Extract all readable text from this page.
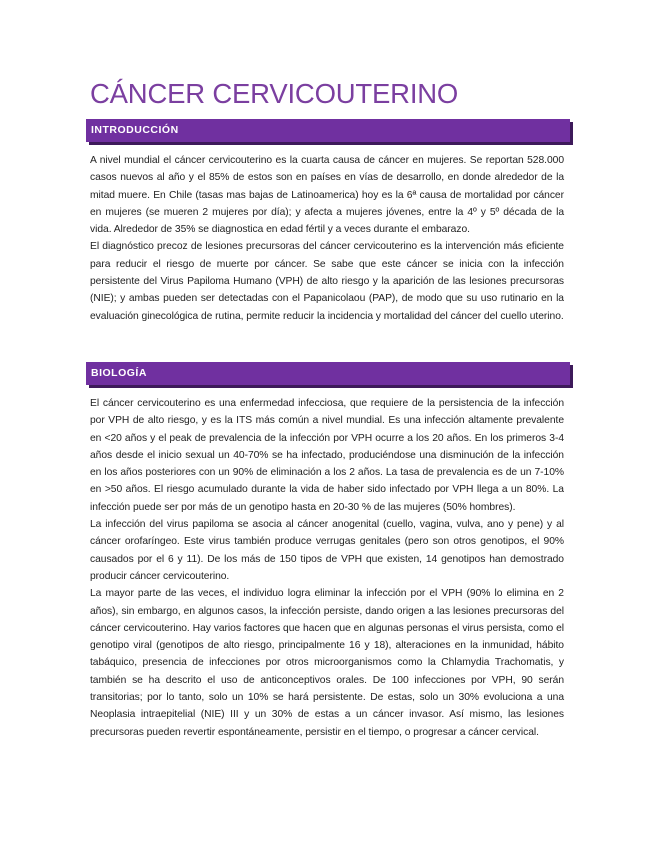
CÁNCER CERVICOUTERINO
INTRODUCCIÓN

A nivel mundial el cáncer cervicouterino es la cuarta causa de cáncer en mujeres. Se reportan 528.000 casos nuevos al año y el 85% de estos son en países en vías de desarrollo, en donde alrededor de la mitad muere. En Chile (tasas mas bajas de Latinoamerica) hoy es la 6ª causa de mortalidad por cáncer en mujeres (se mueren 2 mujeres por día); y afecta a mujeres jóvenes, entre la 4º y 5º década de la vida. Alrededor de 35% se diagnostica en edad fértil y a veces durante el embarazo.

El diagnóstico precoz de lesiones precursoras del cáncer cervicouterino es la intervención más eficiente para reducir el riesgo de muerte por cáncer. Se sabe que este cáncer se inicia con la infección persistente del Virus Papiloma Humano (VPH) de alto riesgo y la aparición de las lesiones precursoras (NIE); y ambas pueden ser detectadas con el Papanicolaou (PAP), de modo que su uso rutinario en la evaluación ginecológica de rutina, permite reducir la incidencia y mortalidad del cáncer del cuello uterino.

BIOLOGÍA

El cáncer cervicouterino es una enfermedad infecciosa, que requiere de la persistencia de la infección por VPH de alto riesgo, y es la ITS más común a nivel mundial. Es una infección altamente prevalente en <20 años y el peak de prevalencia de la infección por VPH ocurre a los 20 años. En los primeros 3-4 años desde el inicio sexual un 40-70% se ha infectado, produciéndose una disminución de la infección en los años posteriores con un 90% de eliminación a los 2 años. La tasa de prevalencia es de un 7-10% en >50 años. El riesgo acumulado durante la vida de haber sido infectado por VPH llega a un 80%. La infección puede ser por más de un genotipo hasta en 20-30 % de las mujeres (50% hombres).

La infección del virus papiloma se asocia al cáncer anogenital (cuello, vagina, vulva, ano y pene) y al cáncer orofaríngeo. Este virus también produce verrugas genitales (pero son otros genotipos, el 90% causados por el 6 y 11). De los más de 150 tipos de VPH que existen, 14 genotipos han demostrado producir cáncer cervicouterino.

La mayor parte de las veces, el individuo logra eliminar la infección por el VPH (90% lo elimina en 2 años), sin embargo, en algunos casos, la infección persiste, dando origen a las lesiones precursoras del cáncer cervicouterino. Hay varios factores que hacen que en algunas personas el virus persista, como el genotipo viral (genotipos de alto riesgo, principalmente 16 y 18), alteraciones en la inmunidad, hábito tabáquico, presencia de infecciones por otros microorganismos como la Chlamydia Trachomatis, y también se ha descrito el uso de anticonceptivos orales. De 100 infecciones por VPH, 90 serán transitorias; por lo tanto, solo un 10% se hará persistente. De estas, solo un 30% evoluciona a una Neoplasia intraepitelial (NIE) III y un 30% de estas a un cáncer invasor. Así mismo, las lesiones precursoras pueden revertir espontáneamente, persistir en el tiempo, o progresar a cáncer cervical.
